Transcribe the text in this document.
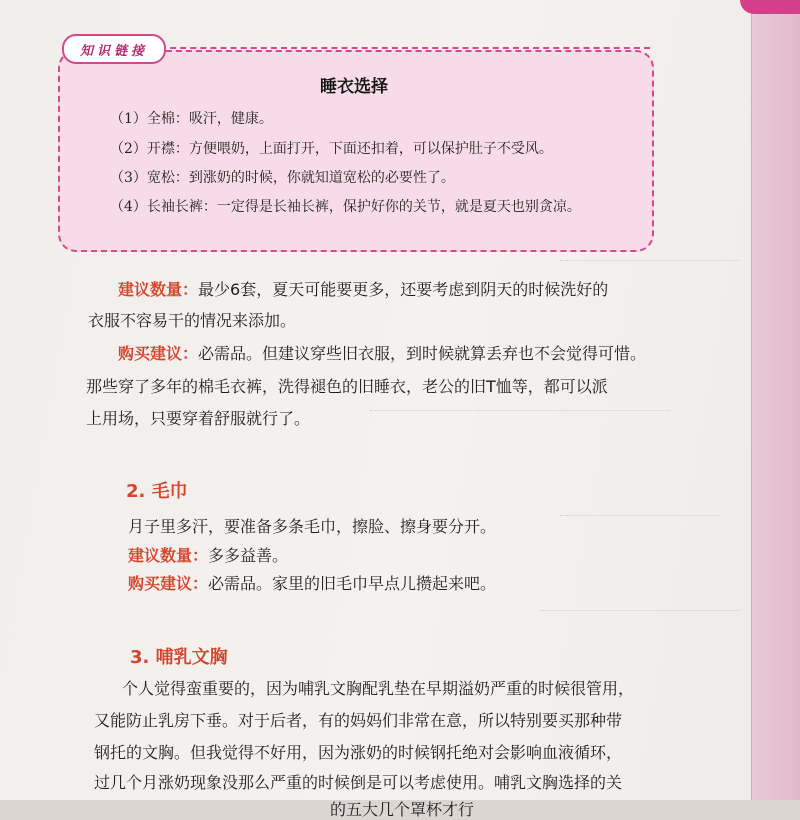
知识链接
睡衣选择
（1）全棉：吸汗，健康。
（2）开襟：方便喂奶，上面打开，下面还扣着，可以保护肚子不受风。
（3）宽松：到涨奶的时候，你就知道宽松的必要性了。
（4）长袖长裤：一定得是长袖长裤，保护好你的关节，就是夏天也别贪凉。
建议数量：最少6套，夏天可能要更多，还要考虑到阴天的时候洗好的
衣服不容易干的情况来添加。
购买建议：必需品。但建议穿些旧衣服，到时候就算丢弃也不会觉得可惜。
那些穿了多年的棉毛衣裤，洗得褪色的旧睡衣，老公的旧T恤等，都可以派
上用场，只要穿着舒服就行了。
2. 毛巾
月子里多汗，要准备多条毛巾，擦脸、擦身要分开。
建议数量：多多益善。
购买建议：必需品。家里的旧毛巾早点儿攒起来吧。
3. 哺乳文胸
个人觉得蛮重要的，因为哺乳文胸配乳垫在早期溢奶严重的时候很管用，
又能防止乳房下垂。对于后者，有的妈妈们非常在意，所以特别要买那种带
钢托的文胸。但我觉得不好用，因为涨奶的时候钢托绝对会影响血液循环，
过几个月涨奶现象没那么严重的时候倒是可以考虑使用。哺乳文胸选择的关
的五大几个罩杯才行
